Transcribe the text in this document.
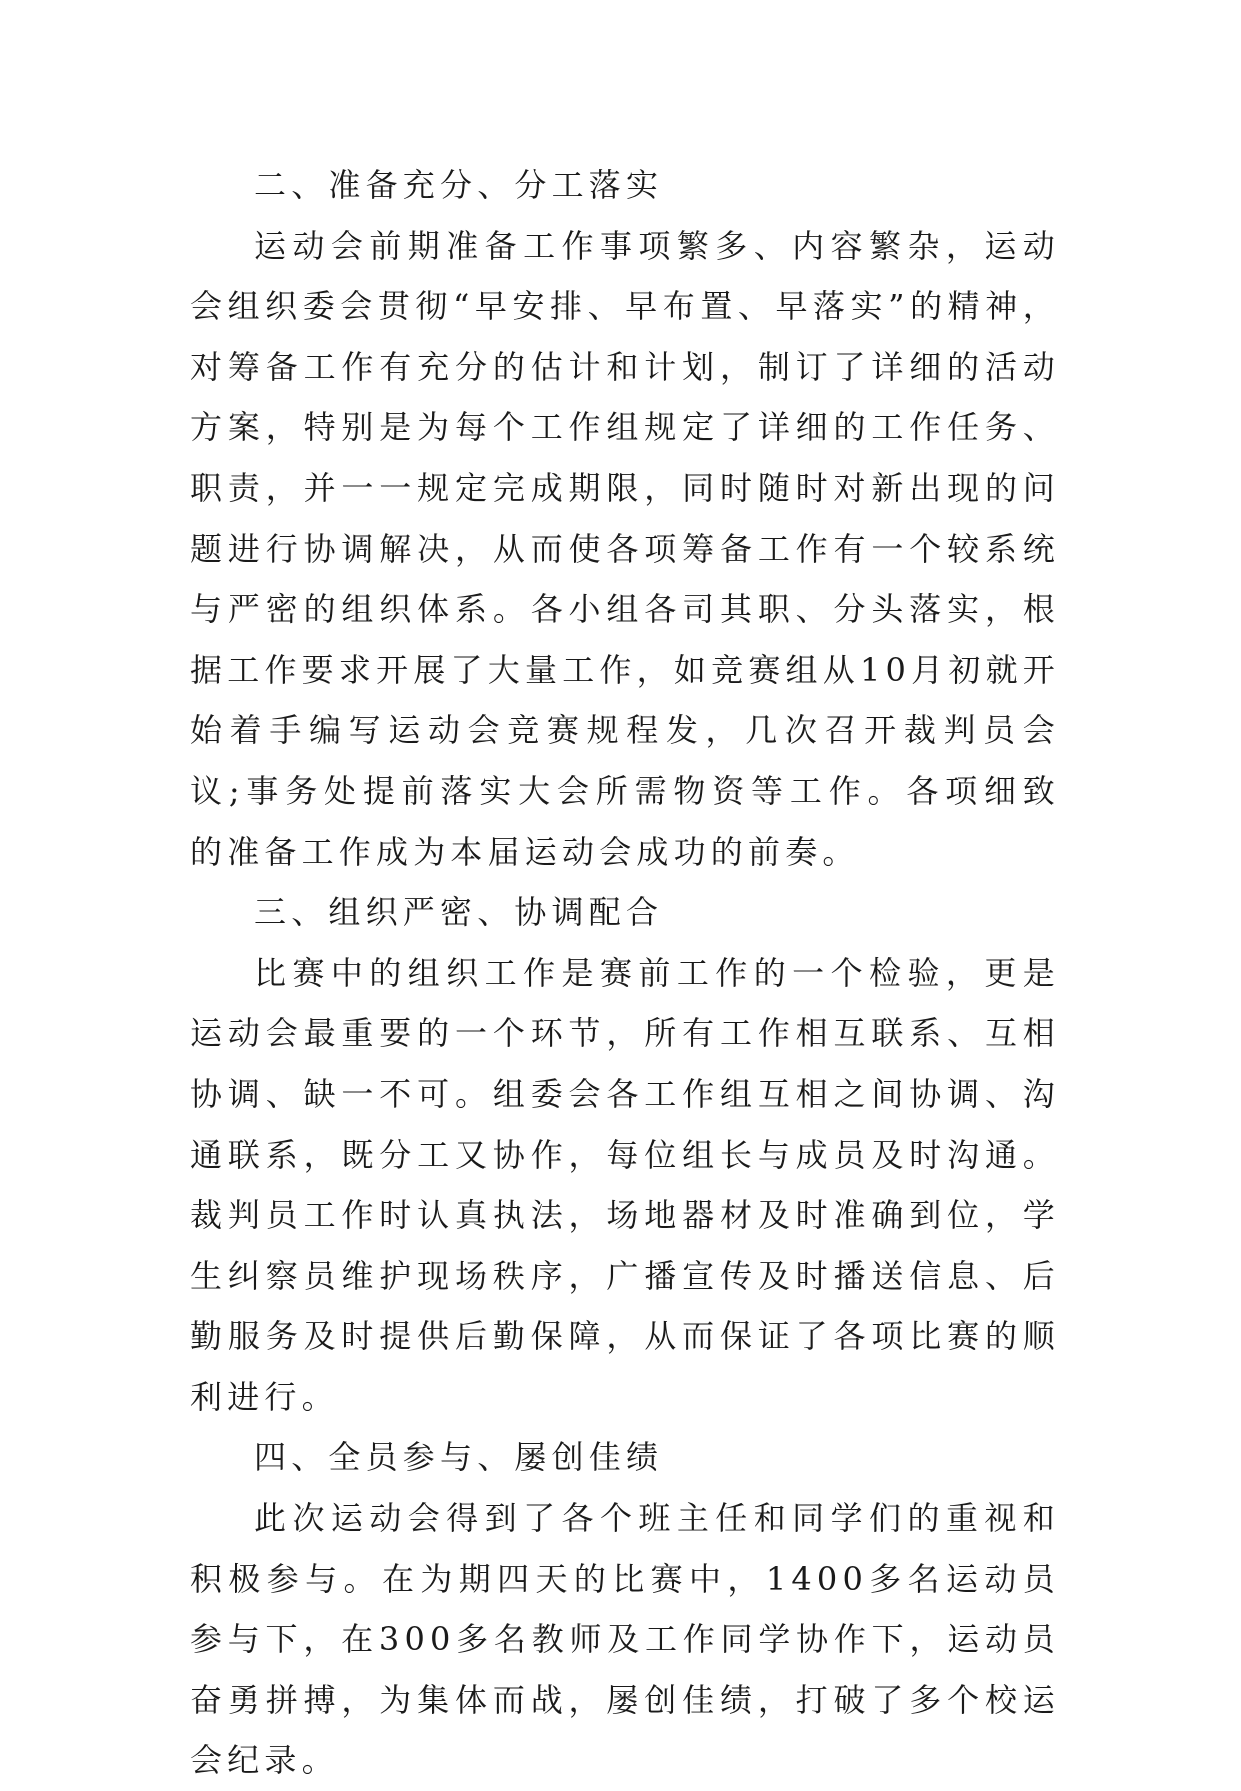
二、准备充分、分工落实

运动会前期准备工作事项繁多、内容繁杂，运动会组织委会贯彻“早安排、早布置、早落实”的精神，对筹备工作有充分的估计和计划，制订了详细的活动方案，特别是为每个工作组规定了详细的工作任务、职责，并一一规定完成期限，同时随时对新出现的问题进行协调解决，从而使各项筹备工作有一个较系统与严密的组织体系。各小组各司其职、分头落实，根据工作要求开展了大量工作，如竞赛组从10月初就开始着手编写运动会竞赛规程发，几次召开裁判员会议;事务处提前落实大会所需物资等工作。各项细致的准备工作成为本届运动会成功的前奏。

三、组织严密、协调配合

比赛中的组织工作是赛前工作的一个检验，更是运动会最重要的一个环节，所有工作相互联系、互相协调、缺一不可。组委会各工作组互相之间协调、沟通联系，既分工又协作，每位组长与成员及时沟通。裁判员工作时认真执法，场地器材及时准确到位，学生纠察员维护现场秩序，广播宣传及时播送信息、后勤服务及时提供后勤保障，从而保证了各项比赛的顺利进行。

四、全员参与、屡创佳绩

此次运动会得到了各个班主任和同学们的重视和积极参与。在为期四天的比赛中，1400多名运动员参与下，在300多名教师及工作同学协作下，运动员奋勇拼搏，为集体而战，屡创佳绩，打破了多个校运会纪录。
